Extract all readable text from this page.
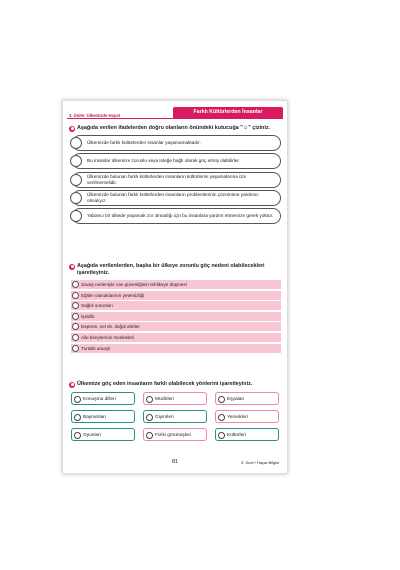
3. Ünite: Ülkemizde Hayat
Farklı Kültürlerden İnsanlar
Aşağıda verilen ifadelerden doğru olanların önündeki kutucuğa "☺" çiziniz.
Ülkemizde farklı kültürlerden insanlar yaşamamaktadır.
Bu insanlar ülkemize zorunlu veya isteğe bağlı olarak göç etmiş olabilirler.
Ülkemizde bulunan farklı kültürlerden insanların kültürlerini yaşamalarına izin verilmemelidir.
Ülkemizde bulunan farklı kültürlerden insanların problemlerinin çözümüne yardımcı olmalıyız.
Yabancı bir ülkede yaşamak zor olmadığı için bu insanlara yardım etmemize gerek yoktur.
Aşağıda verilenlerden, başka bir ülkeye zorunlu göç nedeni olabilecekleri işaretleyiniz.
Savaş nedeniyle can güvenliğinin tehlikeye düşmesi
Eğitim olanaklarının yetersizliği
Sağlık sorunları
İşsizlik
Deprem, sel vb. doğal afetler
Aile bireylerinin meslekleri
Turistik amaçlı
Ülkemize göç eden insanların farklı olabilecek yönlerini işaretleyiniz.
Konuşma dilleri	Müzikleri	Eşyaları
Bayramları	Giyimleri	Yemekleri
Oyunları	Fiziki görünüşleri	Kültürleri
81	3. Sınıf / Hayat Bilgisi
